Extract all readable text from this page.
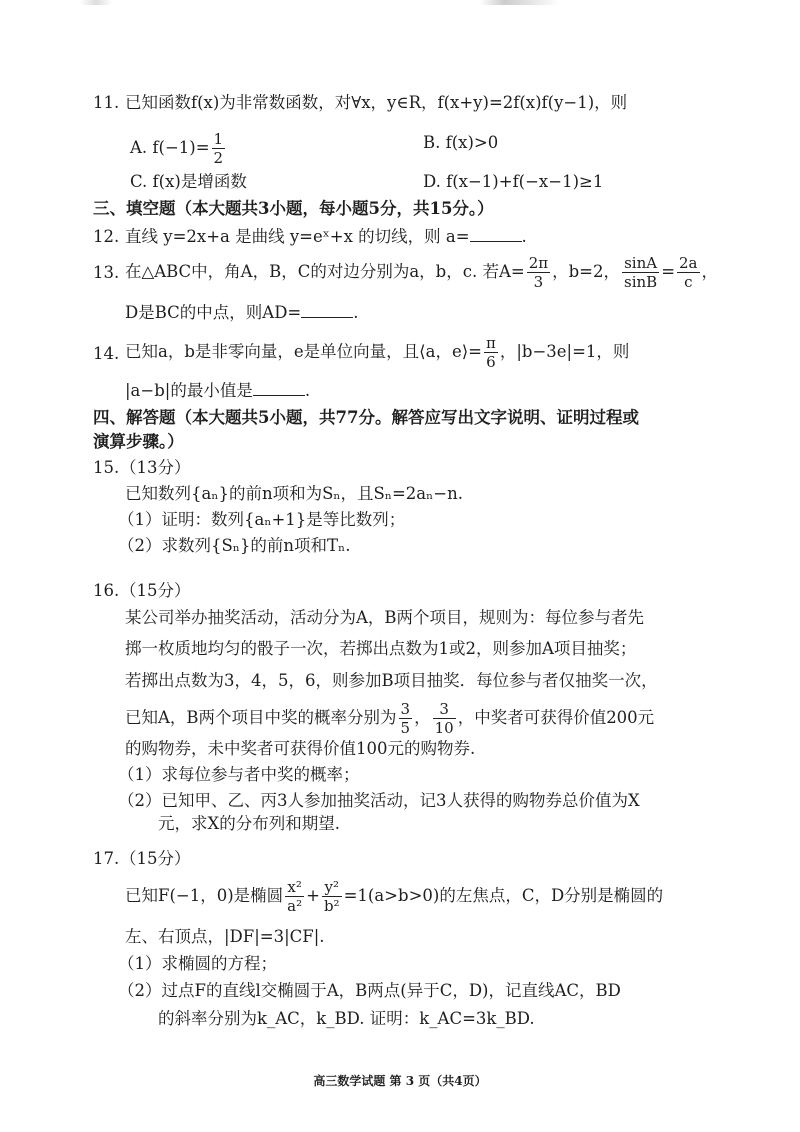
11. 已知函数f(x)为非常数函数，对∀x，y∈R，f(x+y)=2f(x)f(y−1)，则
A. $f(-1)= \frac{1}{2}$	B. f(x)>0
C. f(x)是增函数	D. f(x−1)+f(−x−1)≥1
三、填空题（本大题共3小题，每小题5分，共15分。）
12. 直线 y=2x+a 是曲线 y=eˣ+x 的切线，则 a=	.
13. 在△ABC中，角A，B，C的对边分别为a，b，c. 若$A= \frac{2\pi}{3}$ ，b=2， $\frac{\sin A}{\sin B} = \frac{2a}{c}$ ，
D是BC的中点，则AD=	.
14. 已知a，b是非零向量，e是单位向量，且⟨a，e⟩= $\frac{\pi}{6}$ ，|b−3e|=1，则
|a−b|的最小值是	.
四、解答题（本大题共5小题，共77分。解答应写出文字说明、证明过程或
演算步骤。）
15. （13分）
已知数列{aₙ}的前n项和为Sₙ，且Sₙ=2aₙ−n.
（1）证明：数列{aₙ+1}是等比数列；
（2）求数列{Sₙ}的前n项和Tₙ.
16. （15分）
某公司举办抽奖活动，活动分为A，B两个项目，规则为：每位参与者先
掷一枚质地均匀的骰子一次，若掷出点数为1或2，则参加A项目抽奖；
若掷出点数为3，4，5，6，则参加B项目抽奖．每位参与者仅抽奖一次，
已知A，B两个项目中奖的概率分别为 $\frac{3}{5}$ ， $\frac{3}{10}$ ，中奖者可获得价值200元
的购物券，未中奖者可获得价值100元的购物券.
（1）求每位参与者中奖的概率；
（2）已知甲、乙、丙3人参加抽奖活动，记3人获得的购物券总价值为X
元，求X的分布列和期望.
17. （15分）
已知F(−1，0)是椭圆 $\frac{\text{x²}}{\text{a²}} + \frac{\text{y²}}{\text{b²}} =1(a>b>0)$的左焦点，C，D分别是椭圆的
左、右顶点，|DF|=3|CF|.
（1）求椭圆的方程；
（2）过点F的直线l交椭圆于A，B两点(异于C，D)，记直线AC，BD
的斜率分别为k_AC，k_BD. 证明：k_AC=3k_BD.
高三数学试题 第 3 页（共4页）
